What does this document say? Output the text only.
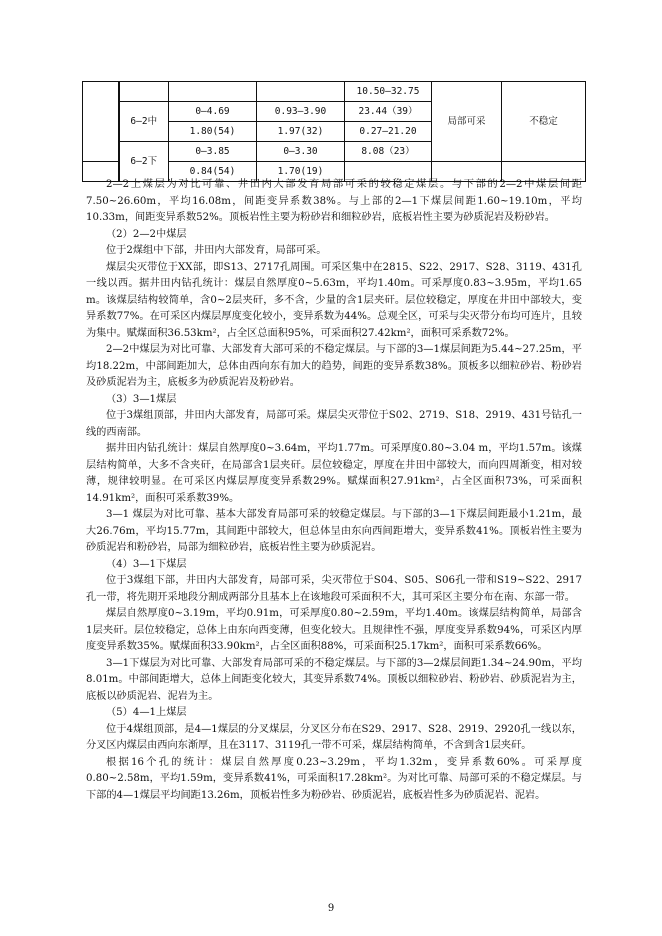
				10.50—32.75	局部可采	不稳定
	6—2中	0—4.69	0.93—3.90	23.44（39）		
		1.80(54)	1.97(32)	0.27—21.20		
	6—2下	0—3.85	0—3.30	8.08（23）		
		0.84(54)	1.70(19)			

2—2上煤层为对比可靠、井田内大部发育局部可采的较稳定煤层。与下部的2—2中煤层间距7.50~26.60m，平均16.08m，间距变异系数38%。与上部的2—1下煤层间距1.60~19.10m，平均10.33m，间距变异系数52%。顶板岩性主要为粉砂岩和细粒砂岩，底板岩性主要为砂质泥岩及粉砂岩。

（2）2—2中煤层

位于2煤组中下部，井田内大部发育，局部可采。

煤层尖灭带位于XX部，即S13、2717孔周围。可采区集中在2815、S22、2917、S28、3119、431孔一线以西。据井田内钻孔统计：煤层自然厚度0~5.63m，平均1.40m。可采厚度0.83~3.95m，平均1.65 m。该煤层结构较简单，含0~2层夹矸，多不含，少量的含1层夹矸。层位较稳定，厚度在井田中部较大，变异系数77%。在可采区内煤层厚度变化较小，变异系数为44%。总观全区，可采与尖灭带分布均可连片，且较为集中。赋煤面积36.53km²，占全区总面积95%，可采面积27.42km²，面积可采系数72%。

2—2中煤层为对比可靠、大部发育大部可采的不稳定煤层。与下部的3—1煤层间距为5.44~27.25m，平均18.22m，中部间距加大，总体由西向东有加大的趋势，间距的变异系数38%。顶板多以细粒砂岩、粉砂岩及砂质泥岩为主，底板多为砂质泥岩及粉砂岩。

（3）3—1煤层

位于3煤组顶部，井田内大部发育，局部可采。煤层尖灭带位于S02、2719、S18、2919、431号钻孔一线的西南部。

据井田内钻孔统计：煤层自然厚度0~3.64m，平均1.77m。可采厚度0.80~3.04 m，平均1.57m。该煤层结构简单，大多不含夹矸，在局部含1层夹矸。层位较稳定，厚度在井田中部较大，而向四周渐变，相对较薄，规律较明显。在可采区内煤层厚度变异系数29%。赋煤面积27.91km²，占全区面积73%，可采面积14.91km²，面积可采系数39%。

3—1 煤层为对比可靠、基本大部发育局部可采的较稳定煤层。与下部的3—1下煤层间距最小1.21m，最大26.76m，平均15.77m，其间距中部较大，但总体呈由东向西间距增大，变异系数41%。顶板岩性主要为砂质泥岩和粉砂岩，局部为细粒砂岩，底板岩性主要为砂质泥岩。

（4）3—1下煤层

位于3煤组下部，井田内大部发育，局部可采，尖灭带位于S04、S05、S06孔一带和S19~S22、2917孔一带，将先期开采地段分割成两部分且基本上在该地段可采面积不大，其可采区主要分布在南、东部一带。

煤层自然厚度0~3.19m，平均0.91m，可采厚度0.80~2.59m，平均1.40m。该煤层结构简单，局部含1层夹矸。层位较稳定，总体上由东向西变薄，但变化较大。且规律性不强，厚度变异系数94%，可采区内厚度变异系数35%。赋煤面积33.90km²，占全区面积88%，可采面积25.17km²，面积可采系数66%。

3—1下煤层为对比可靠、大部发育局部可采的不稳定煤层。与下部的3—2煤层间距1.34~24.90m，平均8.01m。中部间距增大，总体上间距变化较大，其变异系数74%。顶板以细粒砂岩、粉砂岩、砂质泥岩为主，底板以砂质泥岩、泥岩为主。

（5）4—1上煤层

位于4煤组顶部，是4—1煤层的分叉煤层，分叉区分布在S29、2917、S28、2919、2920孔一线以东，分叉区内煤层由西向东渐厚，且在3117、3119孔一带不可采，煤层结构简单，不含到含1层夹矸。

根据16个孔的统计：煤层自然厚度0.23~3.29m，平均1.32m，变异系数60%。可采厚度0.80~2.58m，平均1.59m，变异系数41%，可采面积17.28km²。为对比可靠、局部可采的不稳定煤层。与下部的4—1煤层平均间距13.26m，顶板岩性多为粉砂岩、砂质泥岩，底板岩性多为砂质泥岩、泥岩。

9
